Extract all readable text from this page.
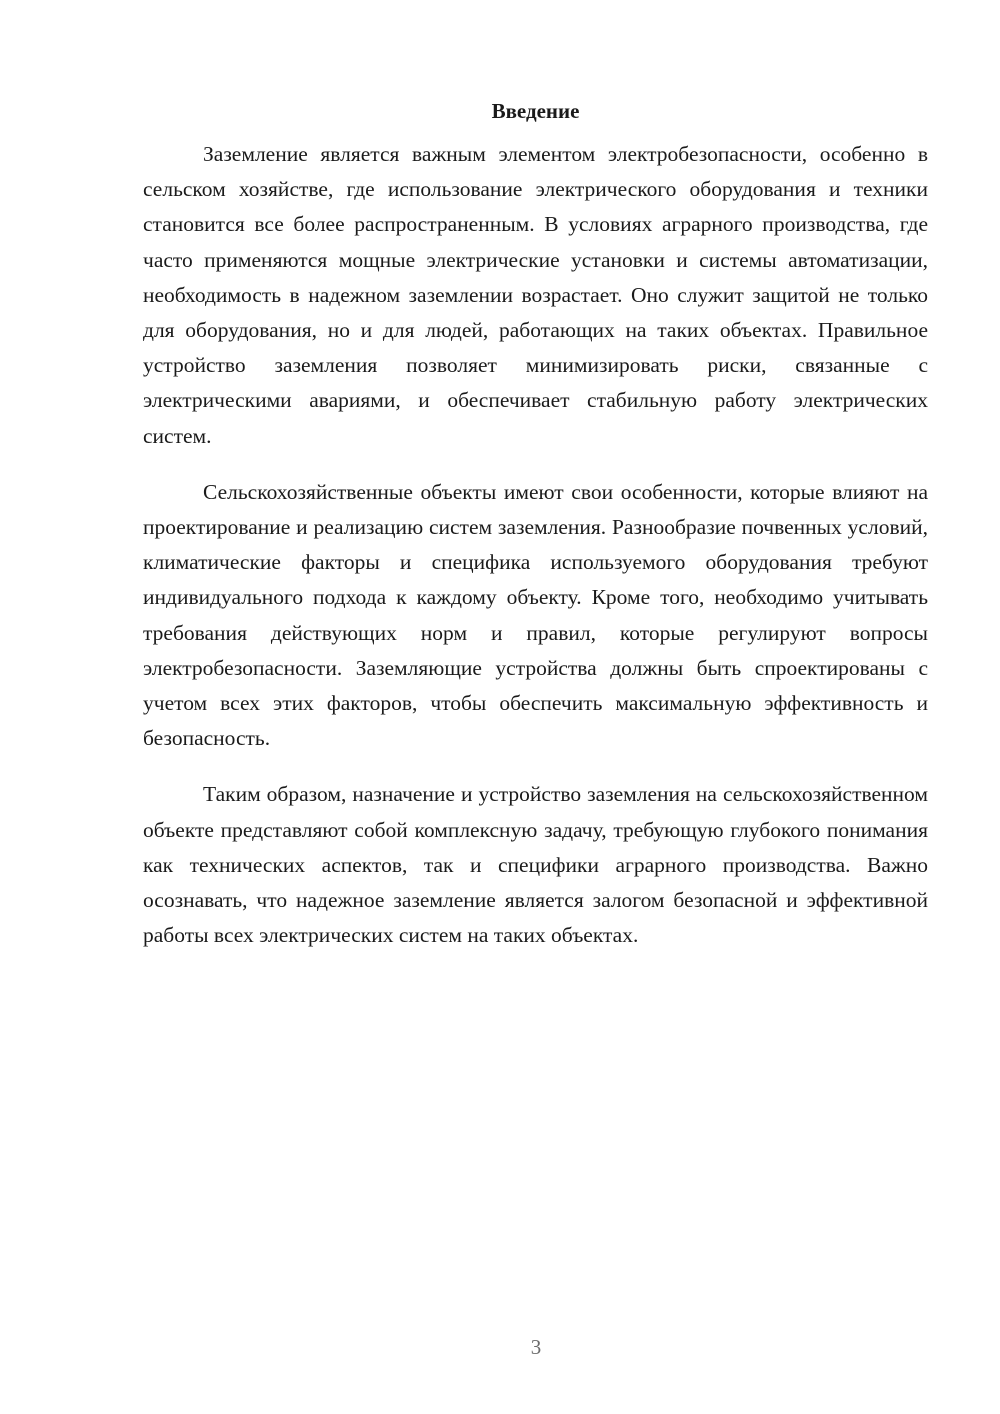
Введение

Заземление является важным элементом электробезопасности, особенно в сельском хозяйстве, где использование электрического оборудования и техники становится все более распространенным. В условиях аграрного производства, где часто применяются мощные электрические установки и системы автоматизации, необходимость в надежном заземлении возрастает. Оно служит защитой не только для оборудования, но и для людей, работающих на таких объектах. Правильное устройство заземления позволяет минимизировать риски, связанные с электрическими авариями, и обеспечивает стабильную работу электрических систем.

Сельскохозяйственные объекты имеют свои особенности, которые влияют на проектирование и реализацию систем заземления. Разнообразие почвенных условий, климатические факторы и специфика используемого оборудования требуют индивидуального подхода к каждому объекту. Кроме того, необходимо учитывать требования действующих норм и правил, которые регулируют вопросы электробезопасности. Заземляющие устройства должны быть спроектированы с учетом всех этих факторов, чтобы обеспечить максимальную эффективность и безопасность.

Таким образом, назначение и устройство заземления на сельскохозяйственном объекте представляют собой комплексную задачу, требующую глубокого понимания как технических аспектов, так и специфики аграрного производства. Важно осознавать, что надежное заземление является залогом безопасной и эффективной работы всех электрических систем на таких объектах.

3
